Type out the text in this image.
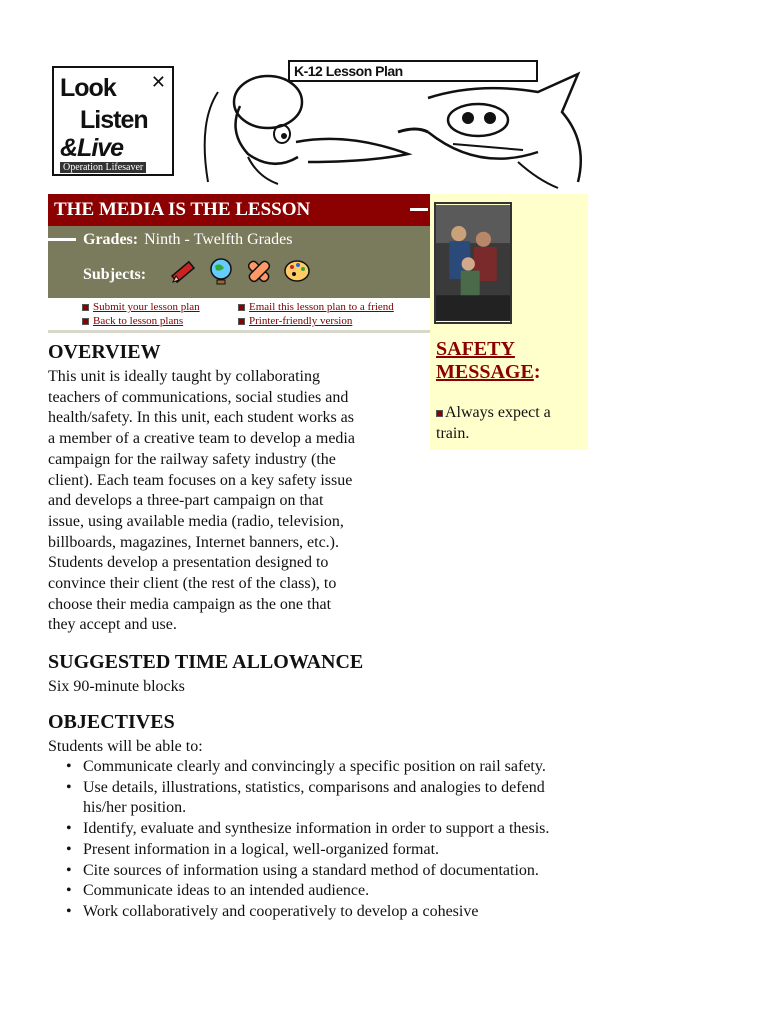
Look ✕
Listen
&Live
Operation Lifesaver
K-12 Lesson Plan
THE MEDIA IS THE LESSON
Grades: Ninth - Twelfth Grades
Subjects:
Submit your lesson plan
Back to lesson plans
Email this lesson plan to a friend
Printer-friendly version
SAFETY
MESSAGE:
Always expect a train.
OVERVIEW
This unit is ideally taught by collaborating
teachers of communications, social studies and
health/safety. In this unit, each student works as
a member of a creative team to develop a media
campaign for the railway safety industry (the
client). Each team focuses on a key safety issue
and develops a three-part campaign on that
issue, using available media (radio, television,
billboards, magazines, Internet banners, etc.).
Students develop a presentation designed to
convince their client (the rest of the class), to
choose their media campaign as the one that
they accept and use.
SUGGESTED TIME ALLOWANCE
Six 90-minute blocks
OBJECTIVES
Students will be able to:
• Communicate clearly and convincingly a specific position on rail safety.
• Use details, illustrations, statistics, comparisons and analogies to defend his/her position.
• Identify, evaluate and synthesize information in order to support a thesis.
• Present information in a logical, well-organized format.
• Cite sources of information using a standard method of documentation.
• Communicate ideas to an intended audience.
• Work collaboratively and cooperatively to develop a cohesive
